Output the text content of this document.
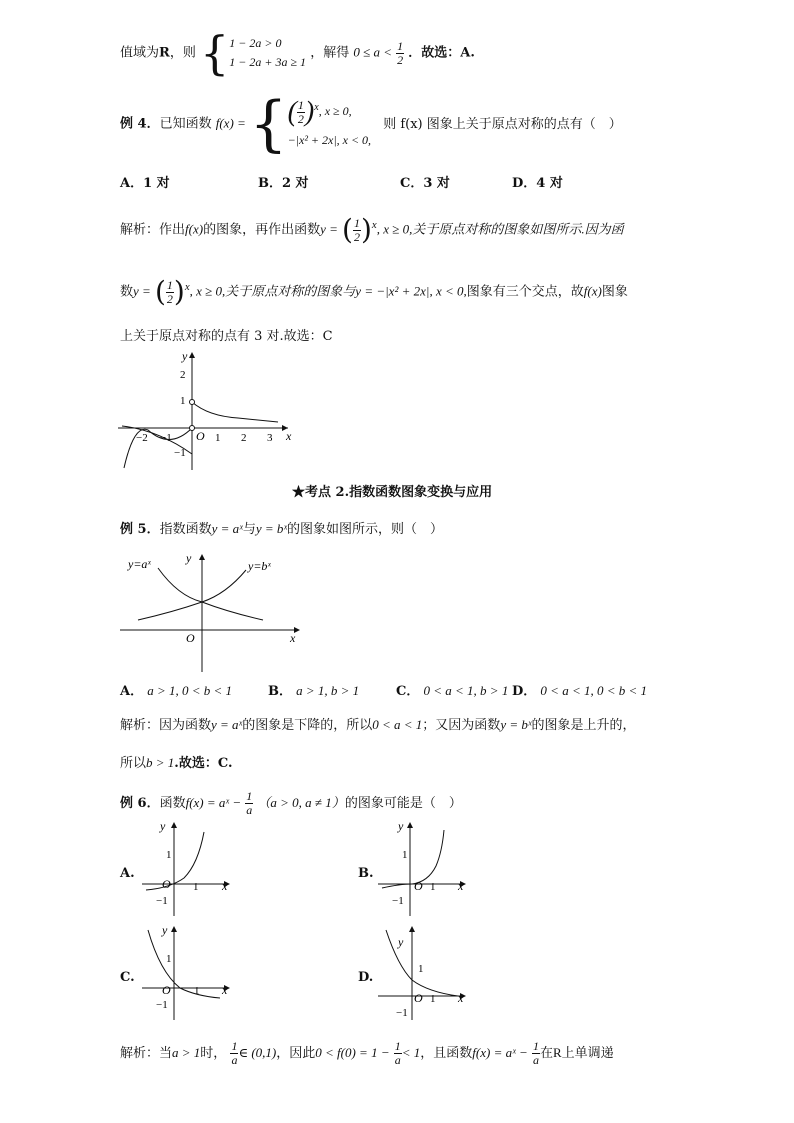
值域为R，则 { 1 − 2a > 0
1 − 2a + 3a ≥ 1
，解得 $0 \le a < \frac{1}{2}$ ．故选：A.
例 4．已知函数 f(x) = { ( $\frac{1}{2} )^x$, x ≥ 0,
−|x² + 2x|, x < 0,
则 f(x) 图象上关于原点对称的点有（　）
A．1 对	B．2 对	C．3 对	D．4 对
解析：作出f(x)的图象，再作出函数y = ( $\frac{1}{2} )^x$, x ≥ 0,关于原点对称的图象如图所示.因为函
数y = ( $\frac{1}{2} )^x$, x ≥ 0,关于原点对称的图象与y = −|x² + 2x|, x < 0,图象有三个交点，故f(x)图象
上关于原点对称的点有 3 对.故选：C
y
x
O
−2 −1	1 2 3
2
1
−1
★考点 2.指数函数图象变换与应用
例 5．指数函数y = aˣ与y = bˣ的图象如图所示，则（　）
y
x
O
y=aˣ	y=bˣ
A． a > 1, 0 < b < 1	B． a > 1, b > 1	C． 0 < a < 1, b > 1 D． 0 < a < 1, 0 < b < 1
解析：因为函数y = aˣ的图象是下降的，所以0 < a < 1；又因为函数y = bˣ的图象是上升的，
所以b > 1.故选：C.
例 6．函数f(x) = aˣ − $\frac{1}{a} (a > 0$, a ≠ 1）的图象可能是（　）
A.
y
x
O 1
1
−1
B.
y
x
O 1
1
−1
C.
y
x
O 1
1
−1
D.
y
x
O 1
1
−1
解析：当a > 1时， $\frac{1}{a}$ ∈ (0,1)，因此$0 < f(0) = 1 - \frac{1}{a} < 1$，且函数f(x) = aˣ − $\frac{1}{a}$ 在R上单调递
